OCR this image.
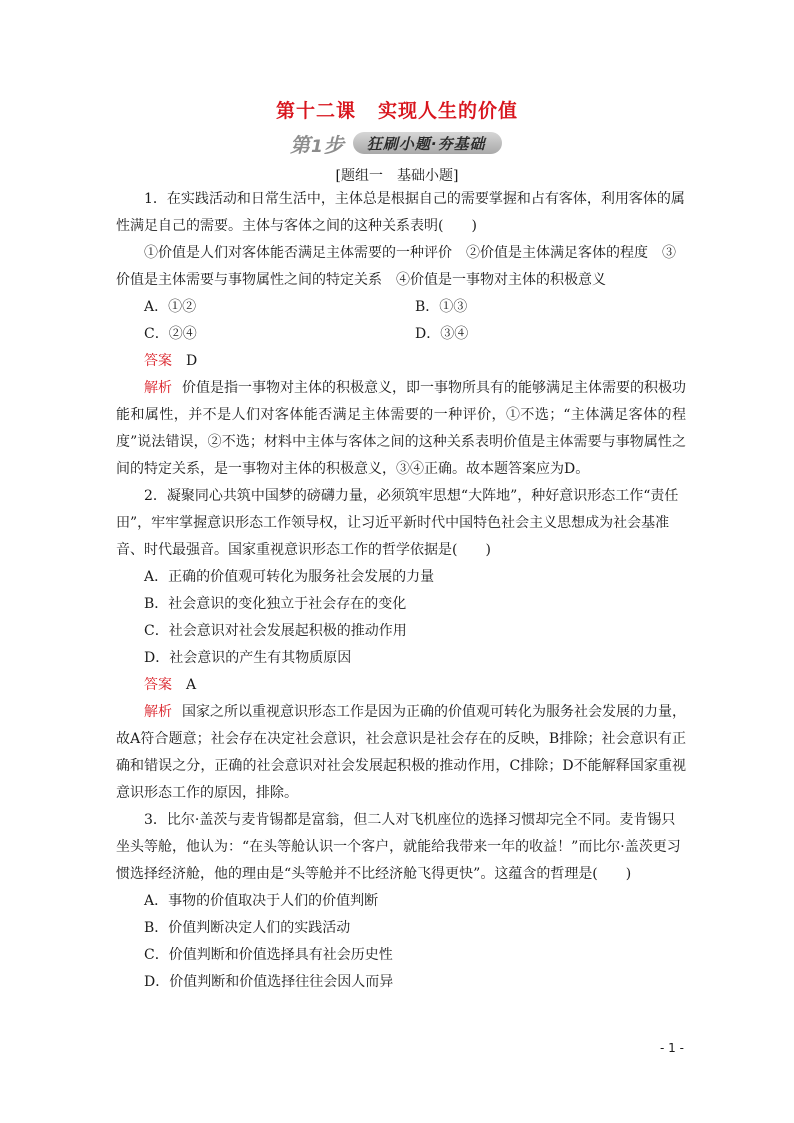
第十二课 实现人生的价值
第1步	狂刷小题·夯基础
[题组一　基础小题]

1．在实践活动和日常生活中，主体总是根据自己的需要掌握和占有客体，利用客体的属性满足自己的需要。主体与客体之间的这种关系表明(　　)

①价值是人们对客体能否满足主体需要的一种评价　②价值是主体满足客体的程度　③价值是主体需要与事物属性之间的特定关系　④价值是一事物对主体的积极意义

A．①②	B．①③
C．②④	D．③④

答案 D

解析 价值是指一事物对主体的积极意义，即一事物所具有的能够满足主体需要的积极功能和属性，并不是人们对客体能否满足主体需要的一种评价，①不选；“主体满足客体的程度”说法错误，②不选；材料中主体与客体之间的这种关系表明价值是主体需要与事物属性之间的特定关系，是一事物对主体的积极意义，③④正确。故本题答案应为D。

2．凝聚同心共筑中国梦的磅礴力量，必须筑牢思想“大阵地”，种好意识形态工作“责任田”，牢牢掌握意识形态工作领导权，让习近平新时代中国特色社会主义思想成为社会基准音、时代最强音。国家重视意识形态工作的哲学依据是(　　)

A．正确的价值观可转化为服务社会发展的力量

B．社会意识的变化独立于社会存在的变化

C．社会意识对社会发展起积极的推动作用

D．社会意识的产生有其物质原因

答案 A

解析 国家之所以重视意识形态工作是因为正确的价值观可转化为服务社会发展的力量，故A符合题意；社会存在决定社会意识，社会意识是社会存在的反映，B排除；社会意识有正确和错误之分，正确的社会意识对社会发展起积极的推动作用，C排除；D不能解释国家重视意识形态工作的原因，排除。

3．比尔·盖茨与麦肯锡都是富翁，但二人对飞机座位的选择习惯却完全不同。麦肯锡只坐头等舱，他认为：“在头等舱认识一个客户，就能给我带来一年的收益！”而比尔·盖茨更习惯选择经济舱，他的理由是“头等舱并不比经济舱飞得更快”。这蕴含的哲理是(　　)

A．事物的价值取决于人们的价值判断

B．价值判断决定人们的实践活动

C．价值判断和价值选择具有社会历史性

D．价值判断和价值选择往往会因人而异

- 1 -
